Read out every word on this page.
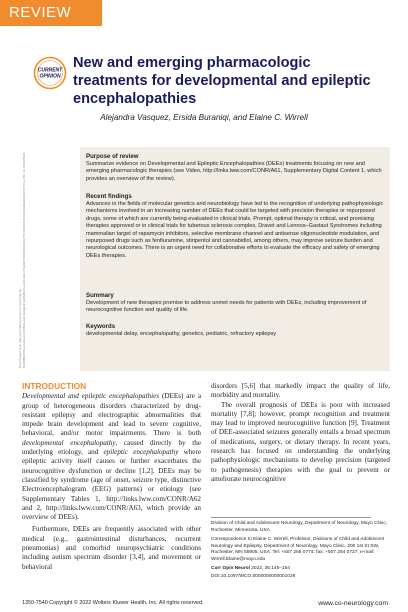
REVIEW
CURRENT
OPINION
New and emerging pharmacologic treatments for developmental and epileptic encephalopathies

Alejandra Vasquez, Ersida Buraniqi, and Elaine C. Wirrell

Downloaded from http://journals.lww.com/co-neurology by BhDMf5ePHKav1zEoum1tQfN4a+kJLhEZgbsIHo4XMi0hCywCX1AWnYQp/IlQrHD3i3D0OdRyi7TvSFl4Cf3VC4/OAVpDDa8KKGKV0Ymy+78= on 07/10/2023	Purpose of review

Summarize evidence on Developmental and Epileptic Encephalopathies (DEEs) treatments focusing on new and emerging pharmacologic therapies (see Video, http://links.lww.com/CONR/A61, Supplementary Digital Content 1, which provides an overview of the review).

Recent findings

Advances in the fields of molecular genetics and neurobiology have led to the recognition of underlying pathophysiologic mechanisms involved in an increasing number of DEEs that could be targeted with precision therapies or repurposed drugs, some of which are currently being evaluated in clinical trials. Prompt, optimal therapy is critical, and promising therapies approved or in clinical trials for tuberous sclerosis complex, Dravet and Lennox–Gastaut Syndromes including mammalian target of rapamycin inhibitors, selective membrane channel and antisense oligonucleotide modulation, and repurposed drugs such as fenfluramine, stiripentol and cannabidiol, among others, may improve seizure burden and neurological outcomes. There is an urgent need for collaborative efforts to evaluate the efficacy and safety of emerging DEEs therapies.

Summary

Development of new therapies promise to address unmet needs for patients with DEEs, including improvement of neurocognitive function and quality of life.

Keywords

developmental delay, encephalopathy, genetics, pediatric, refractory epilepsy

INTRODUCTION

Developmental and epileptic encephalopathies (DEEs) are a group of heterogeneous disorders characterized by drug-resistant epilepsy and electrographic abnormalities that impede brain development and lead to severe cognitive, behavioral, and/or motor impairments. There is both developmental encephalopathy, caused directly by the underlying etiology, and epileptic encephalopathy where epileptic activity itself causes or further exacerbates the neurocognitive dysfunction or decline [1,2]. DEEs may be classified by syndrome (age of onset, seizure type, distinctive Electroencephalogram (EEG) patterns) or etiology (see Supplementary Tables 1, http://links.lww.com/CONR/A62 and 2, http://links.lww.com/CONR/A63, which provide an overview of DEEs).

Furthermore, DEEs are frequently associated with other medical (e.g., gastrointestinal disturbances, recurrent pneumonias) and comorbid neuropsychiatric conditions including autism spectrum disorder [3,4], and movement or behavioral

disorders [5,6] that markedly impact the quality of life, morbidity and mortality.

The overall prognosis of DEEs is poor with increased mortality [7,8]; however, prompt recognition and treatment may lead to improved neurocognitive function [9]. Treatment of DEE-associated seizures generally entails a broad spectrum of medications, surgery, or dietary therapy. In recent years, research has focused on understanding the underlying pathophysiologic mechanisms to develop precision (targeted to pathogenesis) therapies with the goal to prevent or ameliorate neurocognitive

Division of Child and Adolescent Neurology, Department of Neurology, Mayo Clinic, Rochester, Minnesota, USA

Correspondence to Elaine C. Wirrell, Professor, Divisions of Child and Adolescent Neurology and Epilepsy, Department of Neurology, Mayo Clinic, 200 1st St SW, Rochester, MN 55905, USA. Tel: +507 266 0774; fax: +507 284 0727; e-mail: Wirrell.Elaine@mayo.edu

Curr Opin Neurol 2022, 35:145–154

DOI:10.1097/WCO.0000000000001029

1350-7540 Copyright © 2022 Wolters Kluwer Health, Inc. All rights reserved.	www.co-neurology.com
